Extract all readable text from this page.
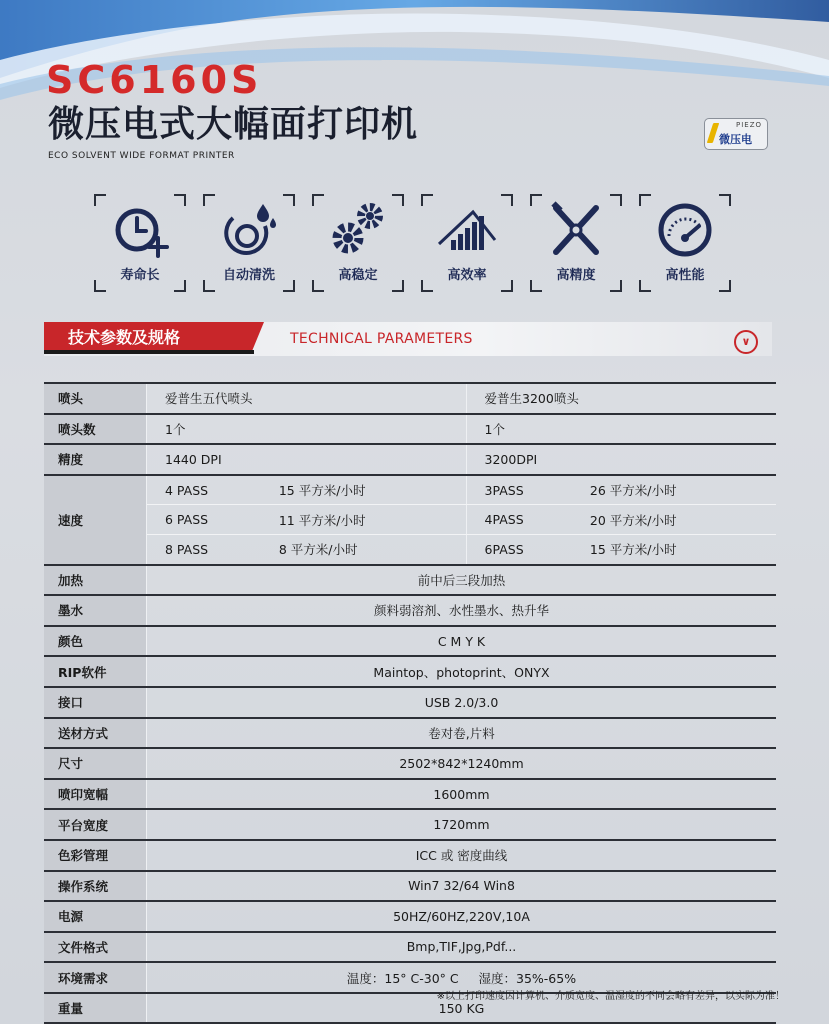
SC6160S
微压电式大幅面打印机
ECO SOLVENT WIDE FORMAT PRINTER
PIEZO
微压电
寿命长	自动清洗	高稳定	高效率	高精度	高性能
技术参数及规格	TECHNICAL PARAMETERS	∨
喷头	爱普生五代喷头		爱普生3200喷头	
喷头数	1个		1个	
精度	1440 DPI		3200DPI	
速度	4 PASS	15 平方米/小时	3PASS	26 平方米/小时
	6 PASS	11 平方米/小时	4PASS	20 平方米/小时
	8 PASS	8 平方米/小时	6PASS	15 平方米/小时
加热	前中后三段加热			
墨水	颜料弱溶剂、水性墨水、热升华			
颜色	C M Y K			
RIP软件	Maintop、photoprint、ONYX			
接口	USB 2.0/3.0			
送材方式	卷对卷,片料			
尺寸	2502*842*1240mm			
喷印宽幅	1600mm			
平台宽度	1720mm			
色彩管理	ICC 或 密度曲线			
操作系统	Win7 32/64 Win8			
电源	50HZ/60HZ,220V,10A			
文件格式	Bmp,TIF,Jpg,Pdf...			
环境需求	温度：15° C-30° C     湿度：35%-65%			
重量	150 KG			
※以上打印速度因计算机、介质宽度、温湿度的不同会略有差异，以实际为准！
